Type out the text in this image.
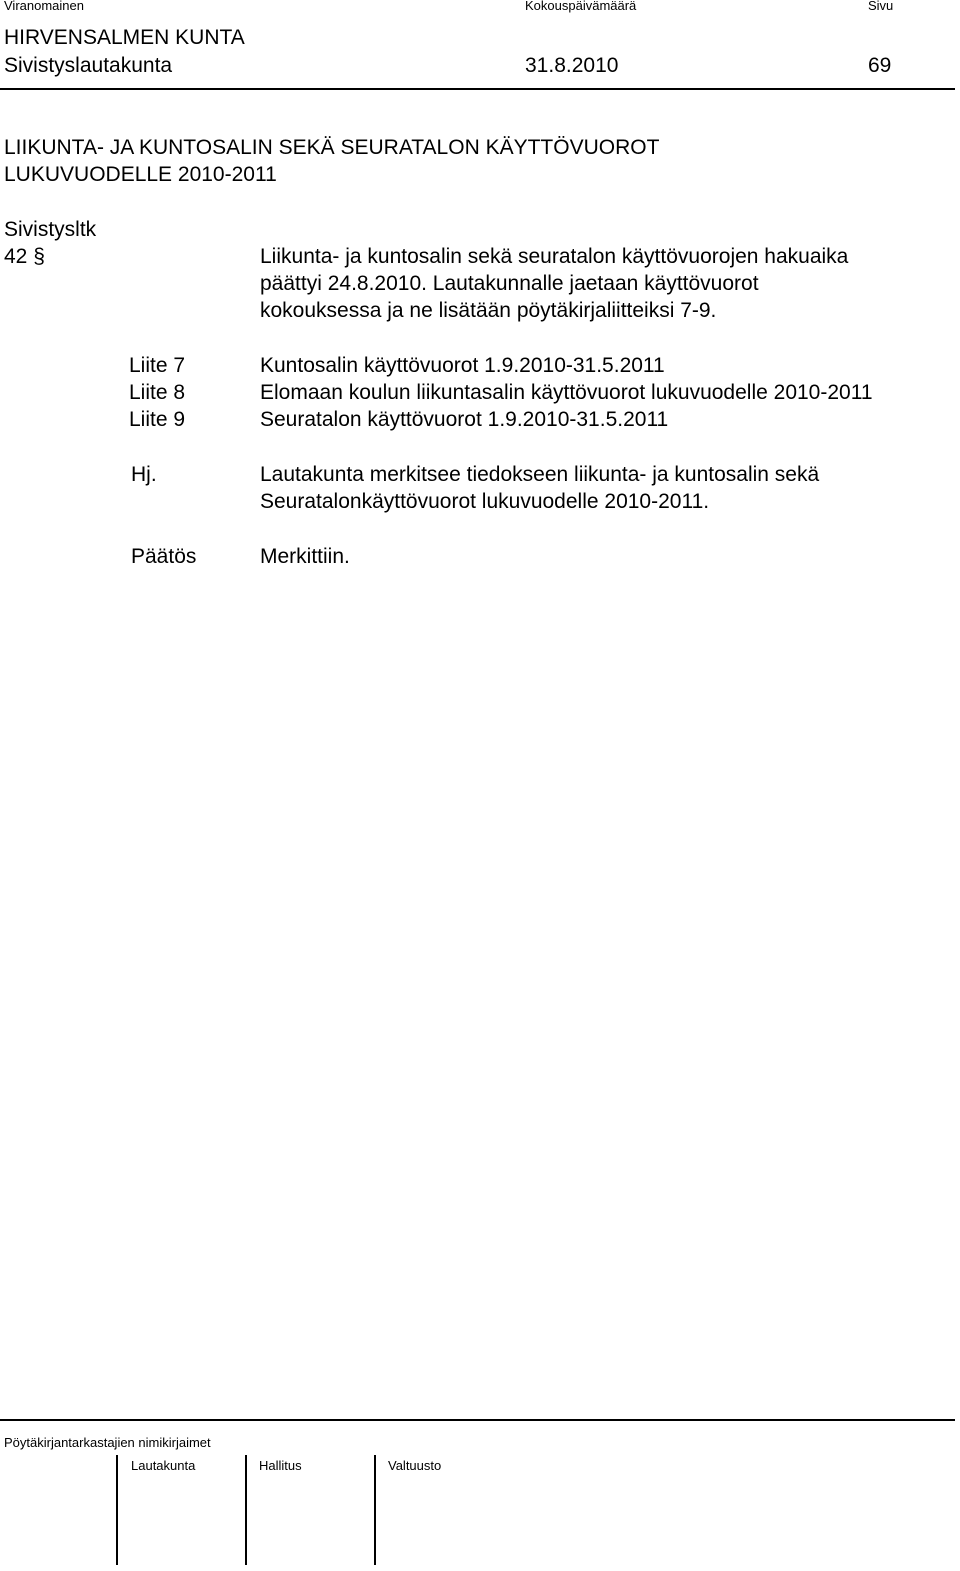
Viranomainen	Kokouspäivämäärä	Sivu
HIRVENSALMEN KUNTA
Sivistyslautakunta	31.8.2010	69
LIIKUNTA- JA KUNTOSALIN SEKÄ SEURATALON KÄYTTÖVUOROT
LUKUVUODELLE 2010-2011
Sivistysltk
42 §	Liikunta- ja kuntosalin sekä seuratalon käyttövuorojen hakuaika
päättyi 24.8.2010. Lautakunnalle jaetaan käyttövuorot
kokouksessa ja ne lisätään pöytäkirjaliitteiksi 7-9.
Liite 7	Kuntosalin käyttövuorot 1.9.2010-31.5.2011
Liite 8	Elomaan koulun liikuntasalin käyttövuorot lukuvuodelle 2010-2011
Liite 9	Seuratalon käyttövuorot 1.9.2010-31.5.2011
Hj.	Lautakunta merkitsee tiedokseen liikunta- ja kuntosalin sekä
Seuratalonkäyttövuorot lukuvuodelle 2010-2011.
Päätös	Merkittiin.
Pöytäkirjantarkastajien nimikirjaimet
Lautakunta	Hallitus	Valtuusto
